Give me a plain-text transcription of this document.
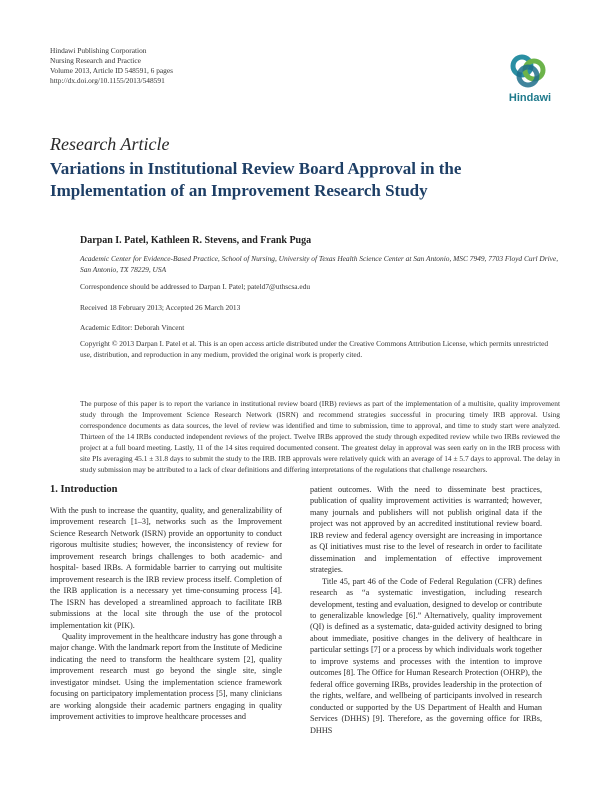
Hindawi Publishing Corporation
Nursing Research and Practice
Volume 2013, Article ID 548591, 6 pages
http://dx.doi.org/10.1155/2013/548591
Hindawi
Research Article
Variations in Institutional Review Board Approval in the Implementation of an Improvement Research Study
Darpan I. Patel, Kathleen R. Stevens, and Frank Puga
Academic Center for Evidence-Based Practice, School of Nursing, University of Texas Health Science Center at San Antonio, MSC 7949, 7703 Floyd Curl Drive, San Antonio, TX 78229, USA
Correspondence should be addressed to Darpan I. Patel; pateld7@uthscsa.edu
Received 18 February 2013; Accepted 26 March 2013
Academic Editor: Deborah Vincent
Copyright © 2013 Darpan I. Patel et al. This is an open access article distributed under the Creative Commons Attribution License, which permits unrestricted use, distribution, and reproduction in any medium, provided the original work is properly cited.
The purpose of this paper is to report the variance in institutional review board (IRB) reviews as part of the implementation of a multisite, quality improvement study through the Improvement Science Research Network (ISRN) and recommend strategies successful in procuring timely IRB approval. Using correspondence documents as data sources, the level of review was identified and time to submission, time to approval, and time to study start were analyzed. Thirteen of the 14 IRBs conducted independent reviews of the project. Twelve IRBs approved the study through expedited review while two IRBs reviewed the project at a full board meeting. Lastly, 11 of the 14 sites required documented consent. The greatest delay in approval was seen early on in the IRB process with site PIs averaging 45.1 ± 31.8 days to submit the study to the IRB. IRB approvals were relatively quick with an average of 14 ± 5.7 days to approval. The delay in study submission may be attributed to a lack of clear definitions and differing interpretations of the regulations that challenge researchers.
1. Introduction

With the push to increase the quantity, quality, and generalizability of improvement research [1–3], networks such as the Improvement Science Research Network (ISRN) provide an opportunity to conduct rigorous multisite studies; however, the inconsistency of review for improvement research brings challenges to both academic- and hospital- based IRBs. A formidable barrier to carrying out multisite improvement research is the IRB review process itself. Completion of the IRB application is a necessary yet time-consuming process [4]. The ISRN has developed a streamlined approach to facilitate IRB submissions at the local site through the use of the protocol implementation kit (PIK).

Quality improvement in the healthcare industry has gone through a major change. With the landmark report from the Institute of Medicine indicating the need to transform the healthcare system [2], quality improvement research must go beyond the single site, single investigator mindset. Using the implementation science framework focusing on participatory implementation process [5], many clinicians are working alongside their academic partners engaging in quality improvement activities to improve healthcare processes and

patient outcomes. With the need to disseminate best practices, publication of quality improvement activities is warranted; however, many journals and publishers will not publish original data if the project was not approved by an accredited institutional review board. IRB review and federal agency oversight are increasing in importance as QI initiatives must rise to the level of research in order to facilitate dissemination and implementation of effective improvement strategies.

Title 45, part 46 of the Code of Federal Regulation (CFR) defines research as “a systematic investigation, including research development, testing and evaluation, designed to develop or contribute to generalizable knowledge [6].” Alternatively, quality improvement (QI) is defined as a systematic, data-guided activity designed to bring about immediate, positive changes in the delivery of healthcare in particular settings [7] or a process by which individuals work together to improve systems and processes with the intention to improve outcomes [8]. The Office for Human Research Protection (OHRP), the federal office governing IRBs, provides leadership in the protection of the rights, welfare, and wellbeing of participants involved in research conducted or supported by the US Department of Health and Human Services (DHHS) [9]. Therefore, as the governing office for IRBs, DHHS
